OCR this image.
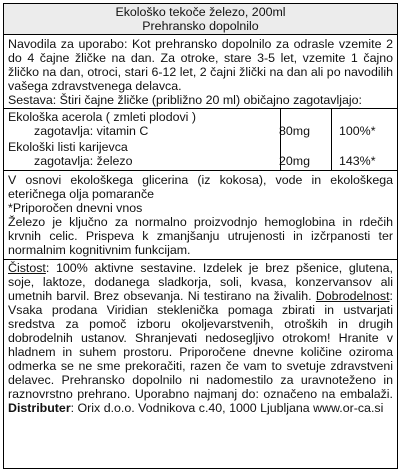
Ekološko tekoče železo, 200ml
Prehransko dopolnilo
Navodila za uporabo: Kot prehransko dopolnilo za odrasle vzemite 2 do 4 čajne žličke na dan. Za otroke, stare 3-5 let, vzemite 1 čajno žličko na dan, otroci, stari 6-12 let, 2 čajni žlički na dan ali po navodilih vašega zdravstvenega delavca.
Sestava: Štiri čajne žličke (približno 20 ml) običajno zagotavljajo:
Ekološka acerola ( zmleti plodovi )
zagotavlja: vitamin C	80mg	100%*
Ekološki listi karijevca
zagotavlja: železo	20mg	143%*
V osnovi ekološkega glicerina (iz kokosa), vode in ekološkega eteričnega olja pomaranče
*Priporočen dnevni vnos
Železo je ključno za normalno proizvodnjo hemoglobina in rdečih krvnih celic. Prispeva k zmanjšanju utrujenosti in izčrpanosti ter normalnim kognitivnim funkcijam.
Čistost: 100% aktivne sestavine. Izdelek je brez pšenice, glutena, soje, laktoze, dodanega sladkorja, soli, kvasa, konzervansov ali umetnih barvil. Brez obsevanja. Ni testirano na živalih. Dobrodelnost: Vsaka prodana Viridian stekleničkа pomaga zbirati in ustvarjati sredstva za pomoč izboru okoljevarstvenih, otroških in drugih dobrodelnih ustanov. Shranjevati nedosegljivo otrokom! Hranite v hladnem in suhem prostoru. Priporočene dnevne količine oziroma odmerka se ne sme prekoračiti, razen če vam to svetuje zdravstveni delavec. Prehransko dopolnilo ni nadomestilo za uravnoteženo in raznovrstno prehrano. Uporabno najmanj do: označeno na embalaži. Distributer: Orix d.o.o. Vodnikova c.40, 1000 Ljubljana www.or-ca.si
